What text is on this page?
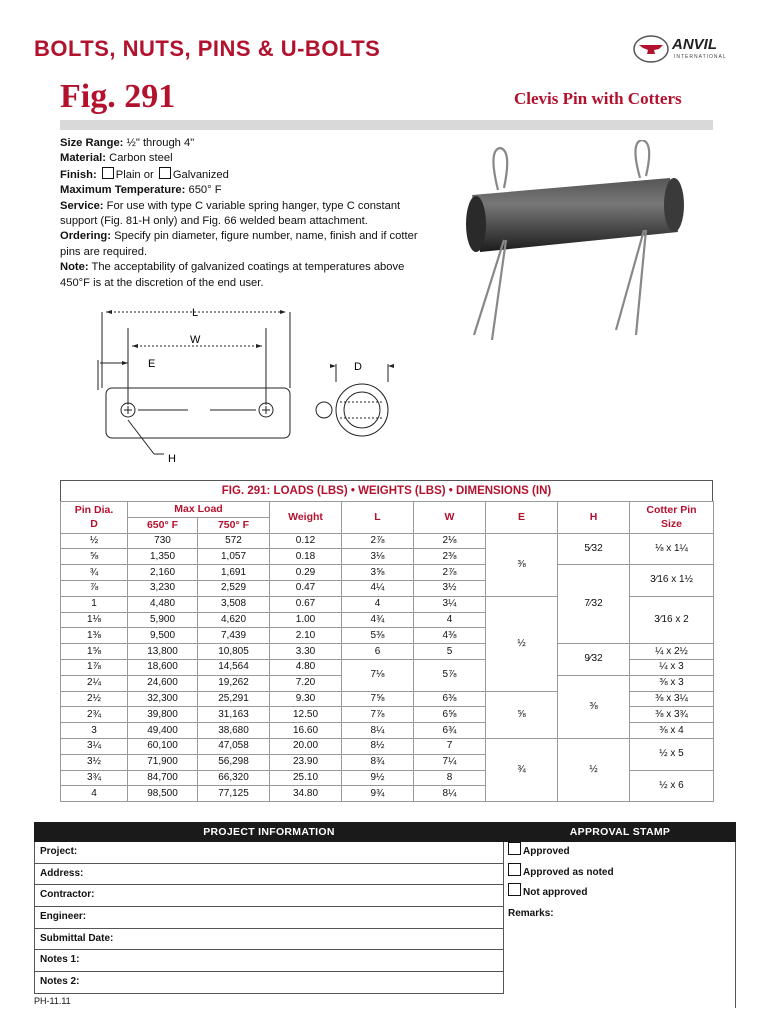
BOLTS, NUTS, PINS & U-BOLTS	ANVIL
INTERNATIONAL
Fig. 291	Clevis Pin with Cotters
Size Range: ½" through 4"
Material: Carbon steel
Finish: Plain or Galvanized
Maximum Temperature: 650° F
Service: For use with type C variable spring hanger, type C constant support (Fig. 81-H only) and Fig. 66 welded beam attachment.
Ordering: Specify pin diameter, figure number, name, finish and if cotter pins are required.
Note: The acceptability of galvanized coatings at temperatures above 450°F is at the discretion of the end user.
L
W
E	D
H
FIG. 291: LOADS (LBS) • WEIGHTS (LBS) • DIMENSIONS (IN)
Pin Dia.
D	Max Load		Weight	L	W	E	H	Cotter Pin
Size
	650° F	750° F						
½	730	572	0.12	2⅞	2⅛	⅜	5⁄32	⅛ x 1¼
⅝	1,350	1,057	0.18	3⅛	2⅜			
¾	2,160	1,691	0.29	3⅝	2⅞		7⁄32	3⁄16 x 1½
⅞	3,230	2,529	0.47	4¼	3½			
1	4,480	3,508	0.67	4	3¼	½		3⁄16 x 2
1⅛	5,900	4,620	1.00	4¾	4			
1⅜	9,500	7,439	2.10	5⅜	4⅜			
1⅝	13,800	10,805	3.30	6	5		9⁄32	¼ x 2½
1⅞	18,600	14,564	4.80	7⅛	5⅞			¼ x 3
2¼	24,600	19,262	7.20				⅜	⅜ x 3
2½	32,300	25,291	9.30	7⅝	6⅜	⅝		⅜ x 3¼
2¾	39,800	31,163	12.50	7⅞	6⅝			⅜ x 3¾
3	49,400	38,680	16.60	8¼	6¾			⅜ x 4
3¼	60,100	47,058	20.00	8½	7	¾	½	½ x 5
3½	71,900	56,298	23.90	8¾	7¼			
3¾	84,700	66,320	25.10	9½	8			½ x 6
4	98,500	77,125	34.80	9¾	8¼			
PROJECT INFORMATION
Project:
Address:
Contractor:
Engineer:
Submittal Date:
Notes 1:
Notes 2:
APPROVAL STAMP
Approved
Approved as noted
Not approved
Remarks:
PH-11.11
